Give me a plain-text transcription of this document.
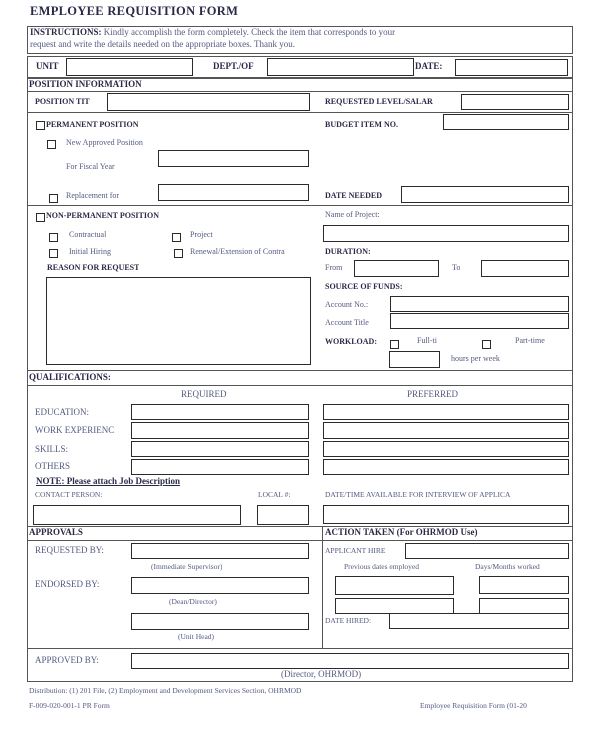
EMPLOYEE REQUISITION FORM
INSTRUCTIONS: Kindly accomplish the form completely. Check the item that corresponds to your
request and write the details needed on the appropriate boxes. Thank you.
UNIT	DEPT./OF	DATE:
POSITION INFORMATION
POSITION TIT	REQUESTED LEVEL/SALAR
PERMANENT POSITION
New Approved Position
For Fiscal Year
Replacement for
BUDGET ITEM NO.
DATE NEEDED
NON-PERMANENT POSITION
Contractual	Project
Initial Hiring	Renewal/Extension of Contra
REASON FOR REQUEST
Name of Project:
DURATION:
From	To
SOURCE OF FUNDS:
Account No.:
Account Title
WORKLOAD:	Full-ti	Part-time
hours per week
QUALIFICATIONS:
REQUIRED	PREFERRED
EDUCATION:
WORK EXPERIENC
SKILLS:
OTHERS
NOTE: Please attach Job Description
CONTACT PERSON:	LOCAL #:	DATE/TIME AVAILABLE FOR INTERVIEW OF APPLICA
APPROVALS	ACTION TAKEN (For OHRMOD Use)
REQUESTED BY:
(Immediate Supervisor)
ENDORSED BY:
(Dean/Director)
(Unit Head)
APPLICANT HIRE
Previous dates employed	Days/Months worked
DATE HIRED:
APPROVED BY:
(Director, OHRMOD)
Distribution: (1) 201 File, (2) Employment and Development Services Section, OHRMOD
F-009-020-001-1 PR Form	Employee Requisition Form (01-20
